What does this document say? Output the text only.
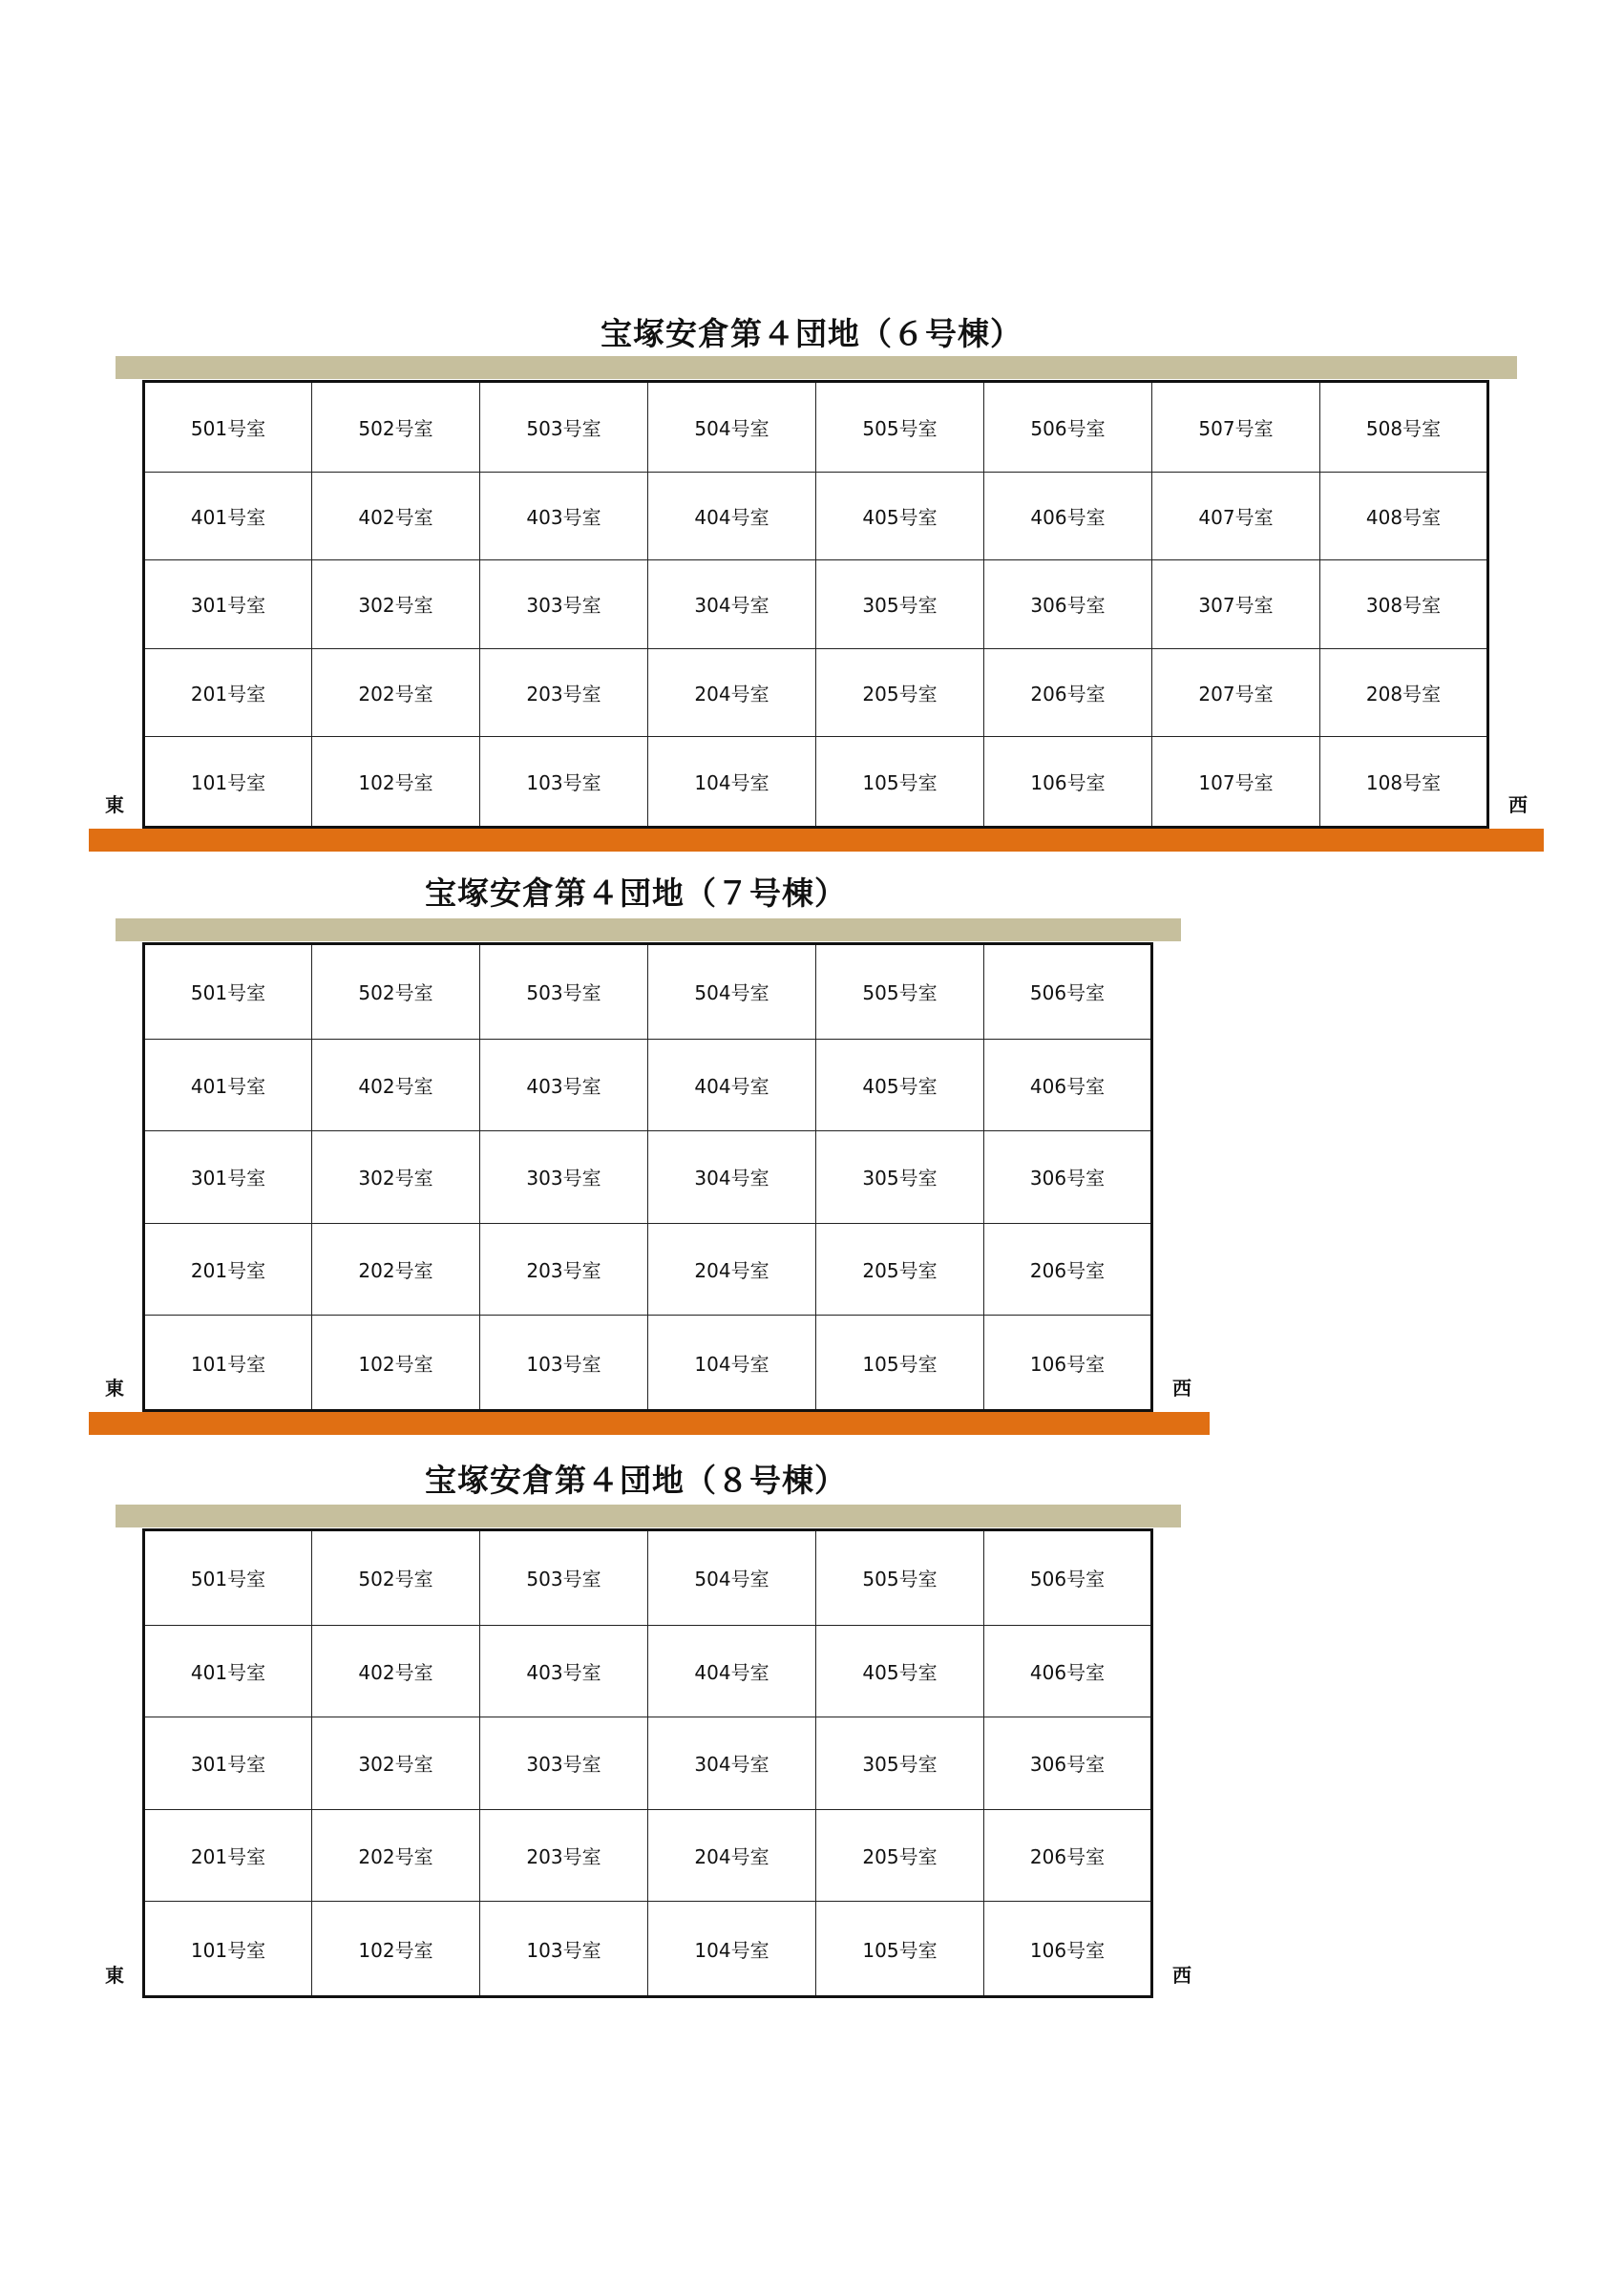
宝塚安倉第４団地（６号棟）
501号室	502号室	503号室	504号室	505号室	506号室	507号室	508号室
401号室	402号室	403号室	404号室	405号室	406号室	407号室	408号室
301号室	302号室	303号室	304号室	305号室	306号室	307号室	308号室
201号室	202号室	203号室	204号室	205号室	206号室	207号室	208号室
101号室	102号室	103号室	104号室	105号室	106号室	107号室	108号室
東	西
宝塚安倉第４団地（７号棟）
501号室	502号室	503号室	504号室	505号室	506号室
401号室	402号室	403号室	404号室	405号室	406号室
301号室	302号室	303号室	304号室	305号室	306号室
201号室	202号室	203号室	204号室	205号室	206号室
101号室	102号室	103号室	104号室	105号室	106号室
東	西
宝塚安倉第４団地（８号棟）
501号室	502号室	503号室	504号室	505号室	506号室
401号室	402号室	403号室	404号室	405号室	406号室
301号室	302号室	303号室	304号室	305号室	306号室
201号室	202号室	203号室	204号室	205号室	206号室
101号室	102号室	103号室	104号室	105号室	106号室
東	西
